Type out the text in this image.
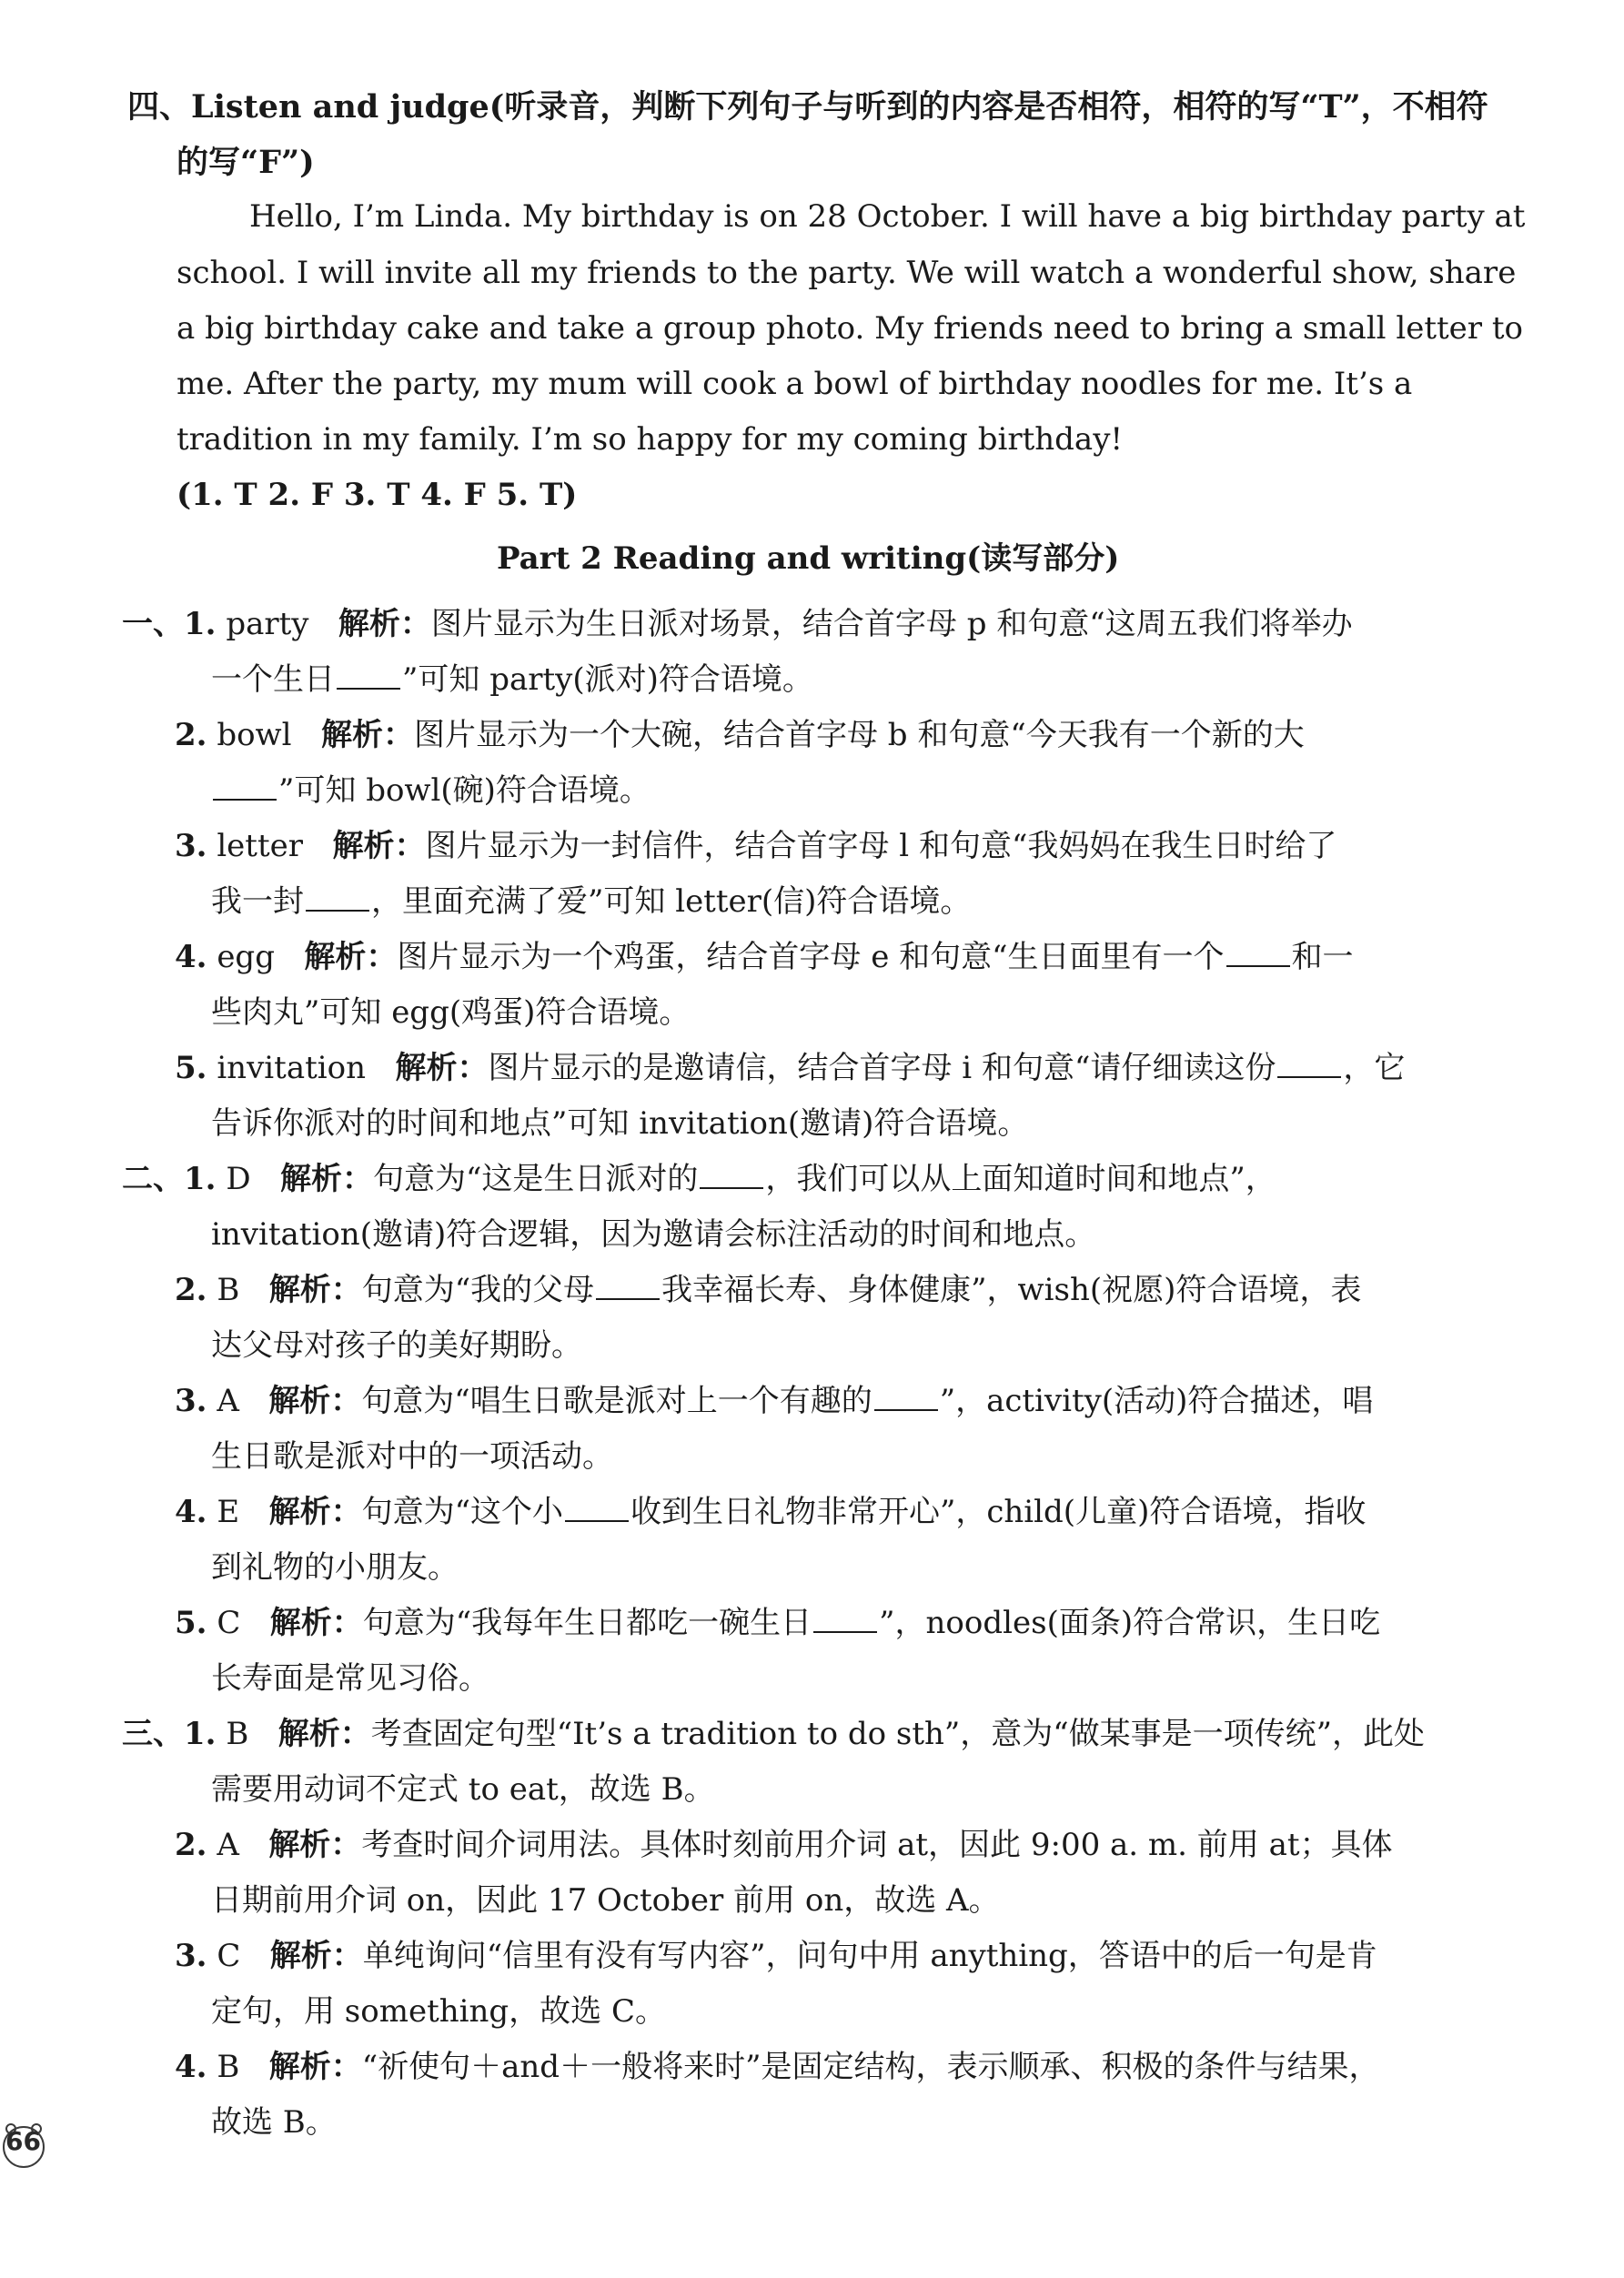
四、Listen and judge(听录音，判断下列句子与听到的内容是否相符，相符的写“T”，不相符
的写“F”)
Hello, I’m Linda. My birthday is on 28 October. I will have a big birthday party at
school. I will invite all my friends to the party. We will watch a wonderful show, share
a big birthday cake and take a group photo. My friends need to bring a small letter to
me. After the party, my mum will cook a bowl of birthday noodles for me. It’s a
tradition in my family. I’m so happy for my coming birthday!
(1. T 2. F 3. T 4. F 5. T)
Part 2 Reading and writing(读写部分)
一、1. party 解析：图片显示为生日派对场景，结合首字母 p 和句意“这周五我们将举办
一个生日 ”可知 party(派对)符合语境。
2. bowl 解析：图片显示为一个大碗，结合首字母 b 和句意“今天我有一个新的大
”可知 bowl(碗)符合语境。
3. letter 解析：图片显示为一封信件，结合首字母 l 和句意“我妈妈在我生日时给了
我一封 ，里面充满了爱”可知 letter(信)符合语境。
4. egg 解析：图片显示为一个鸡蛋，结合首字母 e 和句意“生日面里有一个 和一
些肉丸”可知 egg(鸡蛋)符合语境。
5. invitation 解析：图片显示的是邀请信，结合首字母 i 和句意“请仔细读这份 ，它
告诉你派对的时间和地点”可知 invitation(邀请)符合语境。
二、1. D 解析：句意为“这是生日派对的 ，我们可以从上面知道时间和地点”，
invitation(邀请)符合逻辑，因为邀请会标注活动的时间和地点。
2. B 解析：句意为“我的父母 我幸福长寿、身体健康”，wish(祝愿)符合语境，表
达父母对孩子的美好期盼。
3. A 解析：句意为“唱生日歌是派对上一个有趣的 ”，activity(活动)符合描述，唱
生日歌是派对中的一项活动。
4. E 解析：句意为“这个小 收到生日礼物非常开心”，child(儿童)符合语境，指收
到礼物的小朋友。
5. C 解析：句意为“我每年生日都吃一碗生日 ”，noodles(面条)符合常识，生日吃
长寿面是常见习俗。
三、1. B 解析：考查固定句型“It’s a tradition to do sth”，意为“做某事是一项传统”，此处
需要用动词不定式 to eat，故选 B。
2. A 解析：考查时间介词用法。具体时刻前用介词 at，因此 9:00 a. m. 前用 at；具体
日期前用介词 on，因此 17 October 前用 on，故选 A。
3. C 解析：单纯询问“信里有没有写内容”，问句中用 anything，答语中的后一句是肯
定句，用 something，故选 C。
4. B 解析：“祈使句＋and＋一般将来时”是固定结构，表示顺承、积极的条件与结果，
故选 B。
66
